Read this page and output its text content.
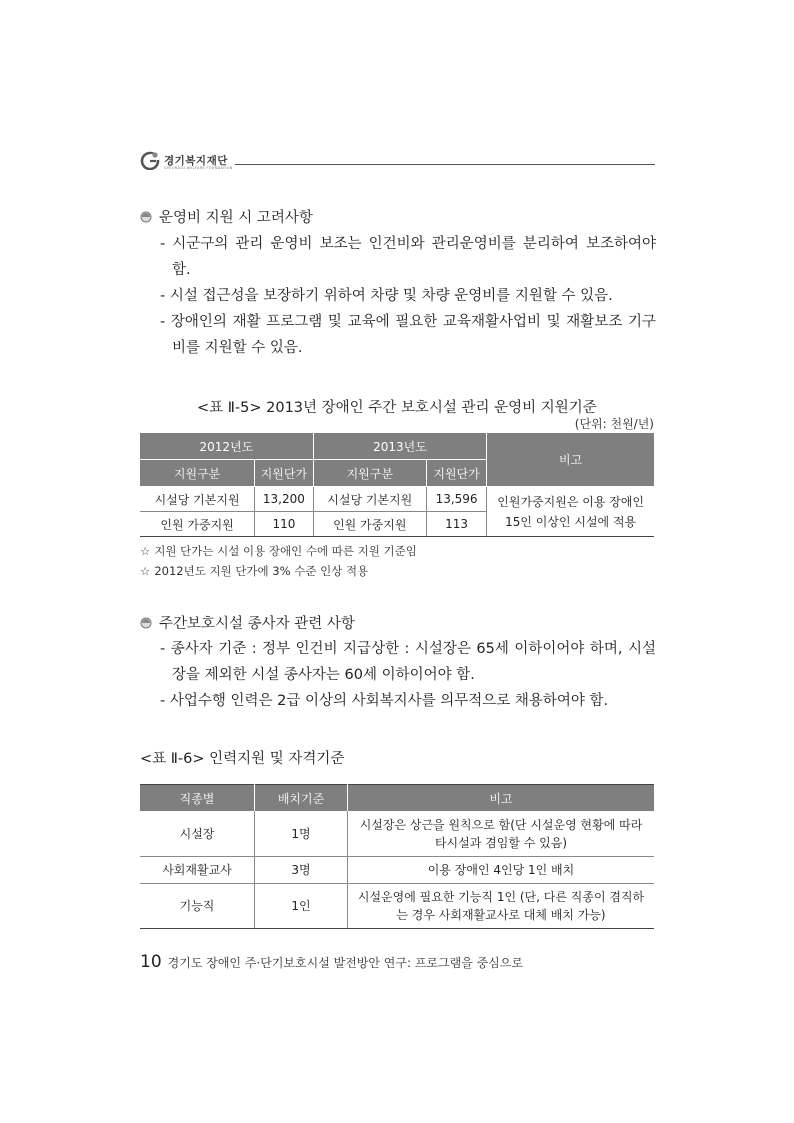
경기복지재단
GYEONGGI WELFARE FOUNDATION
운영비 지원 시 고려사항
- 시군구의 관리 운영비 보조는 인건비와 관리운영비를 분리하여 보조하여야 함.
- 시설 접근성을 보장하기 위하여 차량 및 차량 운영비를 지원할 수 있음.
- 장애인의 재활 프로그램 및 교육에 필요한 교육재활사업비 및 재활보조 기구비를 지원할 수 있음.
<표 Ⅱ-5> 2013년 장애인 주간 보호시설 관리 운영비 지원기준
(단위: 천원/년)
2012년도		2013년도		비고
지원구분	지원단가	지원구분	지원단가	
시설당 기본지원	13,200	시설당 기본지원	13,596	인원가중지원은 이용 장애인 15인 이상인 시설에 적용
인원 가중지원	110	인원 가중지원	113	
☆ 지원 단가는 시설 이용 장애인 수에 따른 지원 기준임
☆ 2012년도 지원 단가에 3% 수준 인상 적용
주간보호시설 종사자 관련 사항
- 종사자 기준 : 정부 인건비 지급상한 : 시설장은 65세 이하이어야 하며, 시설장을 제외한 시설 종사자는 60세 이하이어야 함.
- 사업수행 인력은 2급 이상의 사회복지사를 의무적으로 채용하여야 함.
<표 Ⅱ-6> 인력지원 및 자격기준
직종별	배치기준	비고
시설장	1명	시설장은 상근을 원칙으로 함(단 시설운영 현황에 따라 타시설과 겸임할 수 있음)
사회재활교사	3명	이용 장애인 4인당 1인 배치
기능직	1인	시설운영에 필요한 기능직 1인 (단, 다른 직종이 겸직하는 경우 사회재활교사로 대체 배치 가능)
10 경기도 장애인 주·단기보호시설 발전방안 연구: 프로그램을 중심으로
